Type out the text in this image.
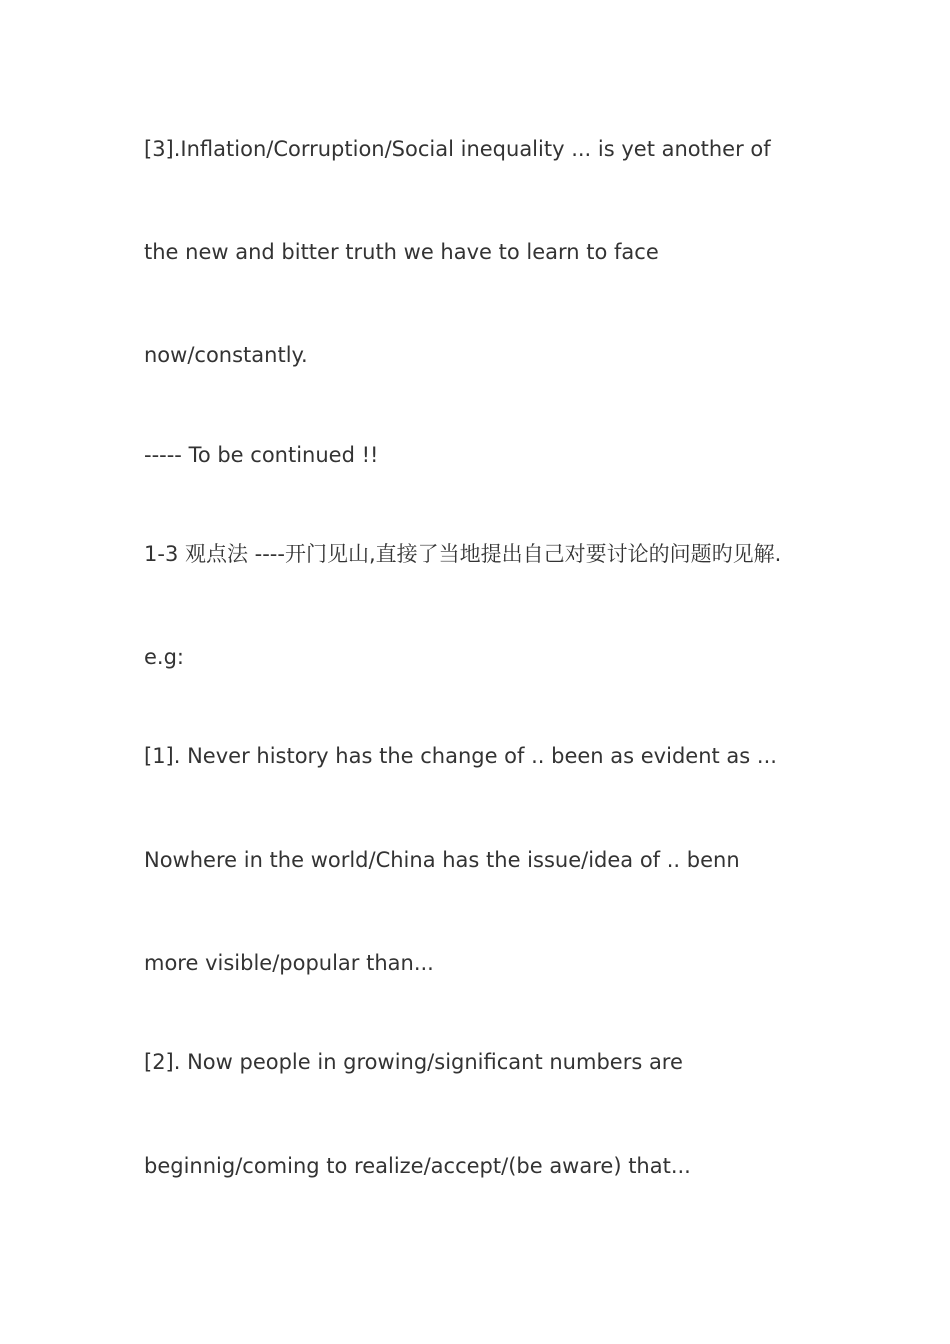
[3].Inflation/Corruption/Social inequality ... is yet another of
the new and bitter truth we have to learn to face
now/constantly.
----- To be continued !!
1-3 观点法 ----开门见山,直接了当地提出自己对要讨论的问题旳见解.
e.g:
[1]. Never history has the change of .. been as evident as ...
Nowhere in the world/China has the issue/idea of .. benn
more visible/popular than...
[2]. Now people in growing/significant numbers are
beginnig/coming to realize/accept/(be aware) that...
